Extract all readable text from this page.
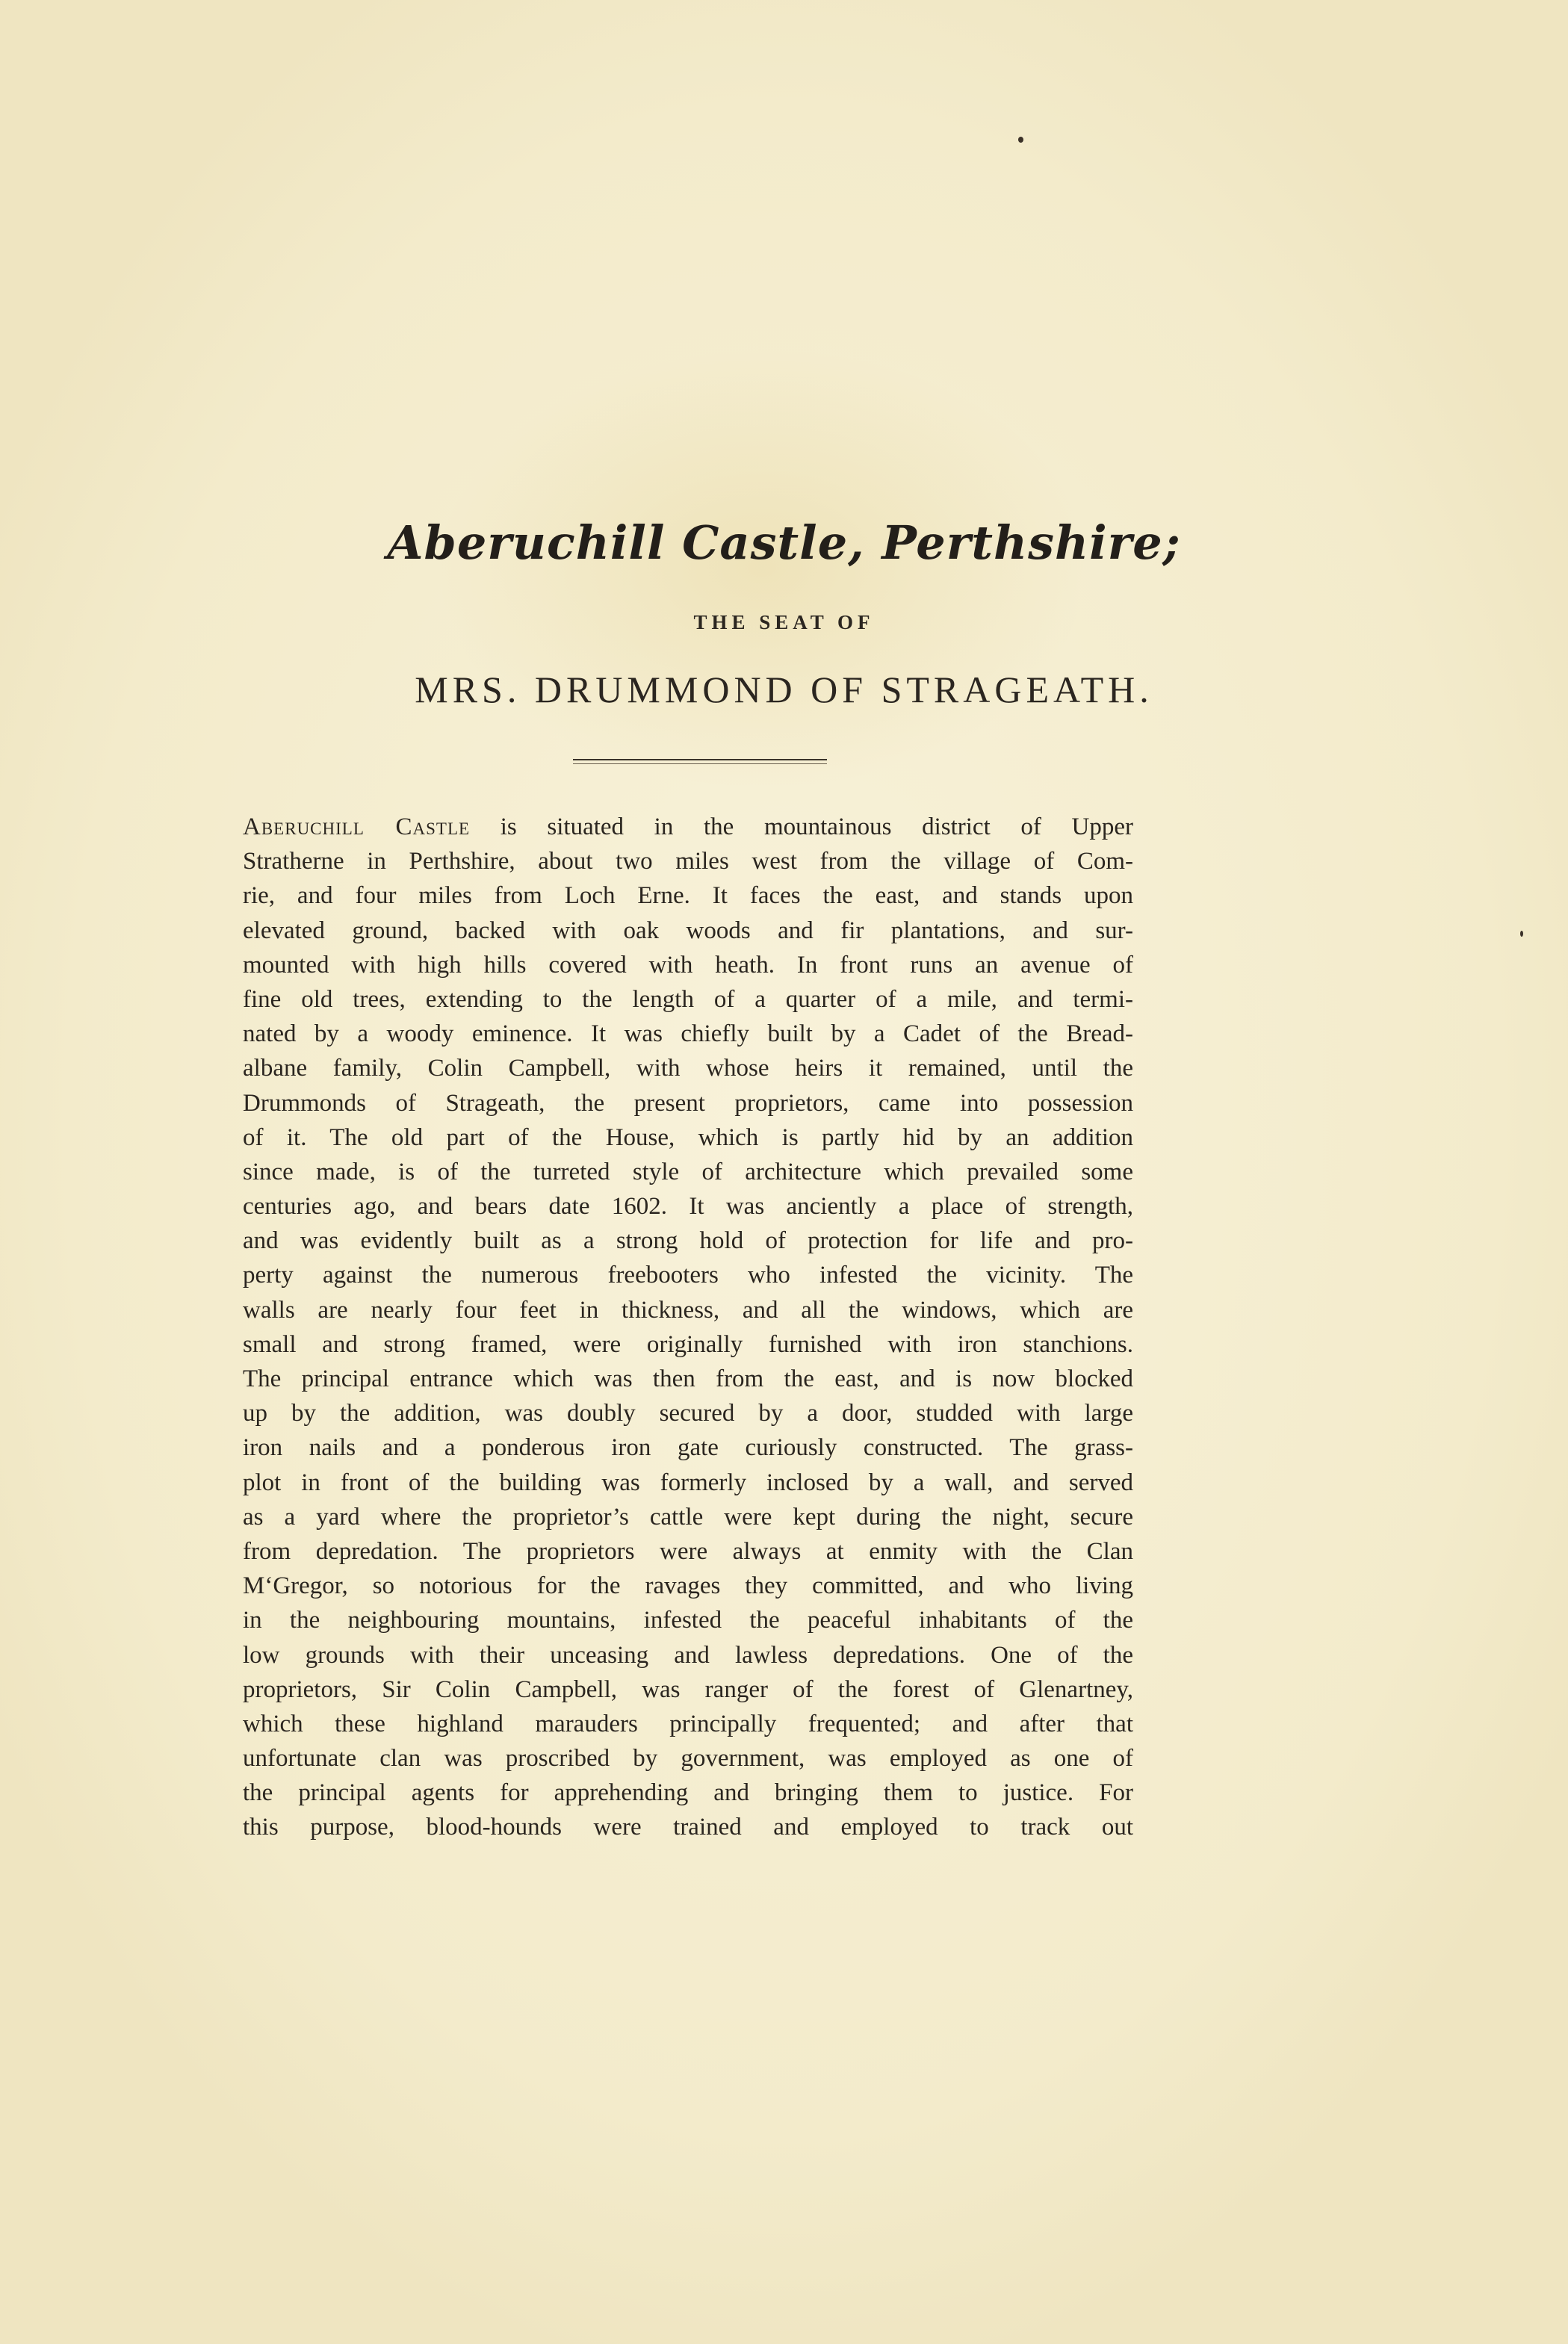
Aberuchill Castle, Perthshire;
THE SEAT OF
MRS. DRUMMOND OF STRAGEATH.
Aberuchill Castle is situated in the mountainous district of Upper
Stratherne in Perthshire, about two miles west from the village of Com-
rie, and four miles from Loch Erne. It faces the east, and stands upon
elevated ground, backed with oak woods and fir plantations, and sur-
mounted with high hills covered with heath. In front runs an avenue of
fine old trees, extending to the length of a quarter of a mile, and termi-
nated by a woody eminence. It was chiefly built by a Cadet of the Bread-
albane family, Colin Campbell, with whose heirs it remained, until the
Drummonds of Strageath, the present proprietors, came into possession
of it. The old part of the House, which is partly hid by an addition
since made, is of the turreted style of architecture which prevailed some
centuries ago, and bears date 1602. It was anciently a place of strength,
and was evidently built as a strong hold of protection for life and pro-
perty against the numerous freebooters who infested the vicinity. The
walls are nearly four feet in thickness, and all the windows, which are
small and strong framed, were originally furnished with iron stanchions.
The principal entrance which was then from the east, and is now blocked
up by the addition, was doubly secured by a door, studded with large
iron nails and a ponderous iron gate curiously constructed. The grass-
plot in front of the building was formerly inclosed by a wall, and served
as a yard where the proprietor’s cattle were kept during the night, secure
from depredation. The proprietors were always at enmity with the Clan
M‘Gregor, so notorious for the ravages they committed, and who living
in the neighbouring mountains, infested the peaceful inhabitants of the
low grounds with their unceasing and lawless depredations. One of the
proprietors, Sir Colin Campbell, was ranger of the forest of Glenartney,
which these highland marauders principally frequented; and after that
unfortunate clan was proscribed by government, was employed as one of
the principal agents for apprehending and bringing them to justice. For
this purpose, blood-hounds were trained and employed to track out
